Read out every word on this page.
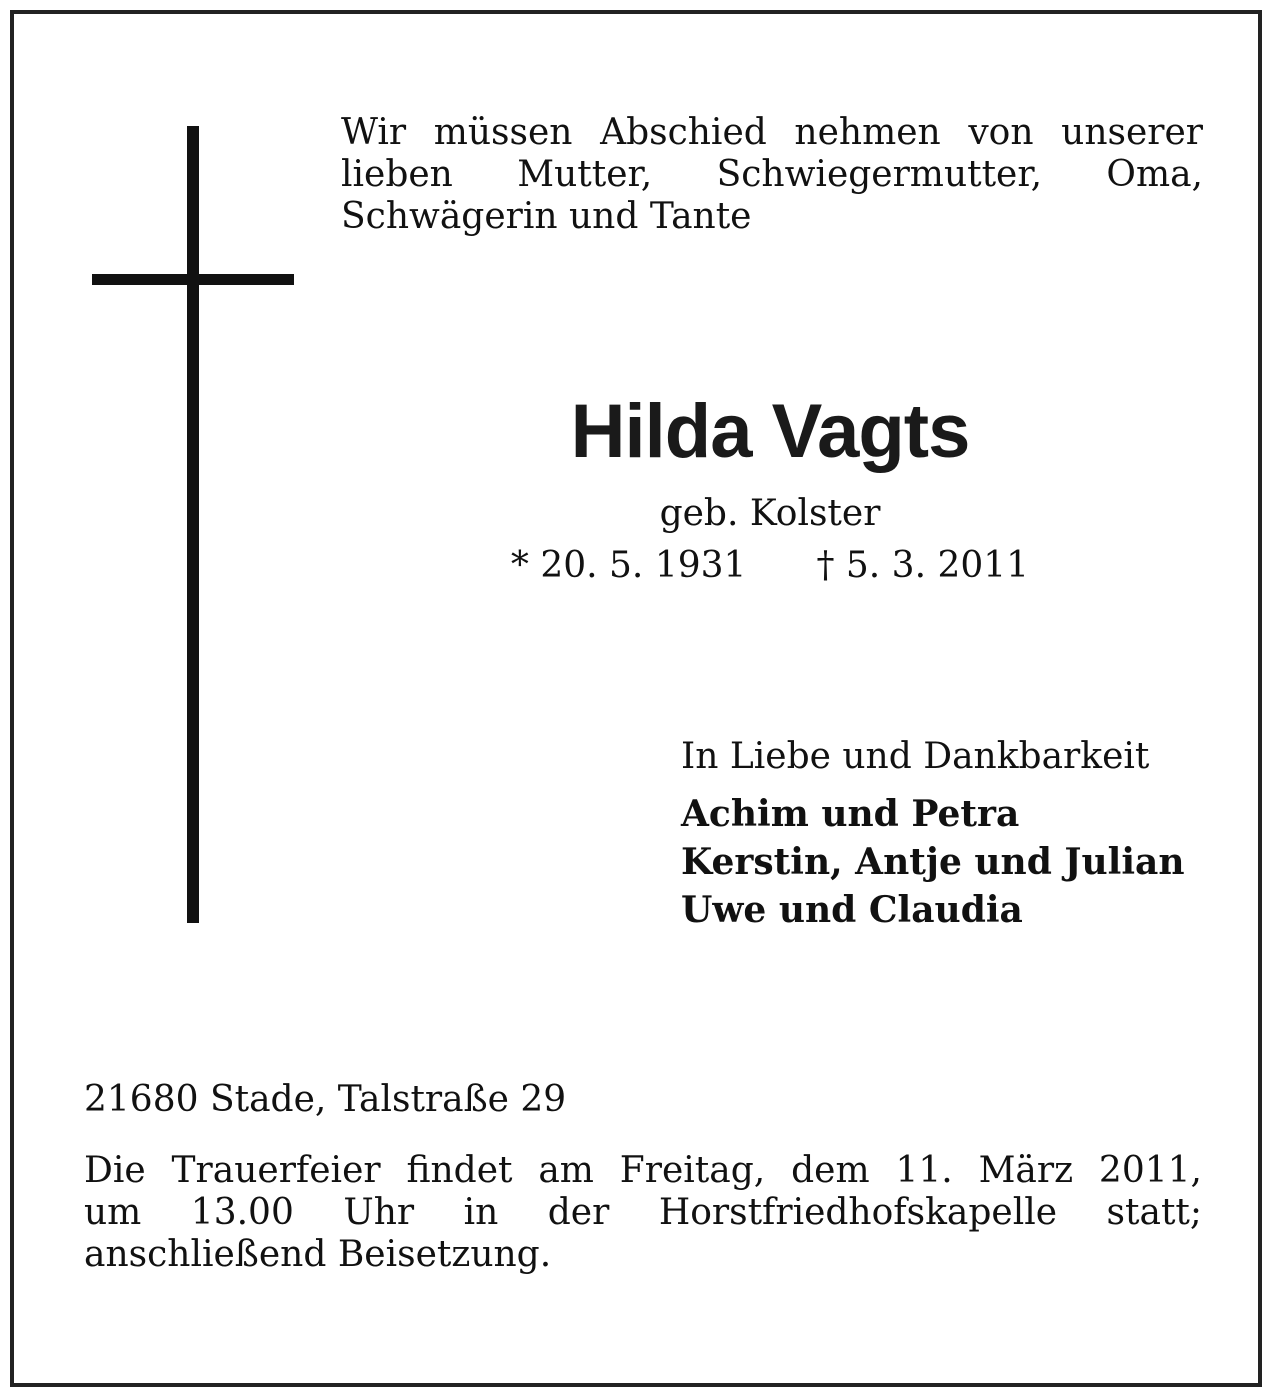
Wir müssen Abschied nehmen von unserer
lieben Mutter, Schwiegermutter, Oma,
Schwägerin und Tante
Hilda Vagts
geb. Kolster
* 20. 5. 1931 † 5. 3. 2011
In Liebe und Dankbarkeit
Achim und Petra
Kerstin, Antje und Julian
Uwe und Claudia
21680 Stade, Talstraße 29
Die Trauerfeier findet am Freitag, dem 11. März 2011,
um 13.00 Uhr in der Horstfriedhofskapelle statt;
anschließend Beisetzung.
